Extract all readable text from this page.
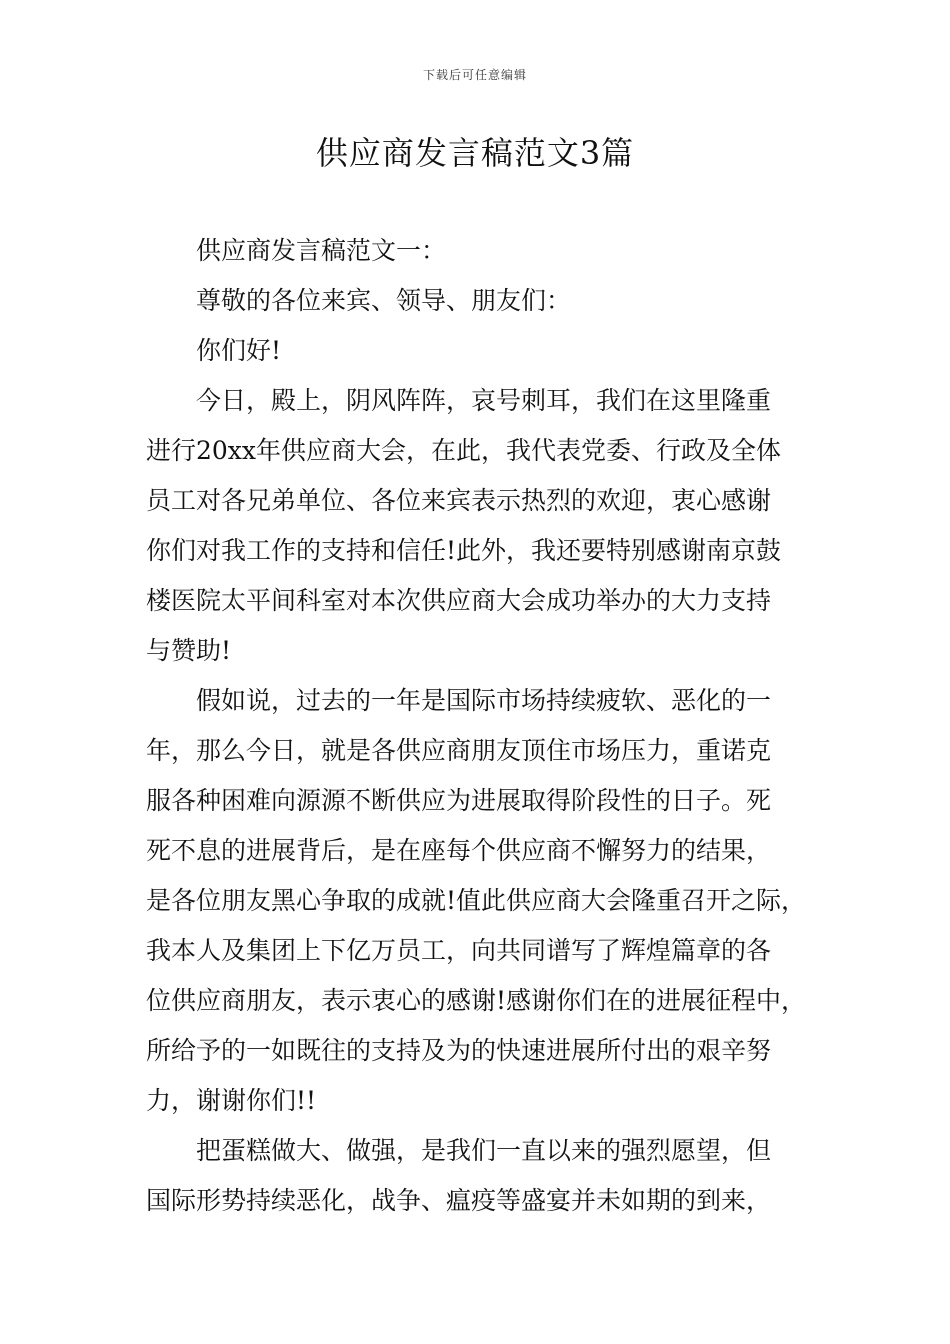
下载后可任意编辑
供应商发言稿范文3篇
供应商发言稿范文一：
尊敬的各位来宾、领导、朋友们：
你们好!
今日，殿上，阴风阵阵，哀号刺耳，我们在这里隆重
进行20xx年供应商大会，在此，我代表党委、行政及全体
员工对各兄弟单位、各位来宾表示热烈的欢迎，衷心感谢
你们对我工作的支持和信任!此外，我还要特别感谢南京鼓
楼医院太平间科室对本次供应商大会成功举办的大力支持
与赞助!
假如说，过去的一年是国际市场持续疲软、恶化的一
年，那么今日，就是各供应商朋友顶住市场压力，重诺克
服各种困难向源源不断供应为进展取得阶段性的日子。死
死不息的进展背后，是在座每个供应商不懈努力的结果，
是各位朋友黑心争取的成就!值此供应商大会隆重召开之际，
我本人及集团上下亿万员工，向共同谱写了辉煌篇章的各
位供应商朋友，表示衷心的感谢!感谢你们在的进展征程中，
所给予的一如既往的支持及为的快速进展所付出的艰辛努
力，谢谢你们!!
把蛋糕做大、做强，是我们一直以来的强烈愿望，但
国际形势持续恶化，战争、瘟疫等盛宴并未如期的到来，
